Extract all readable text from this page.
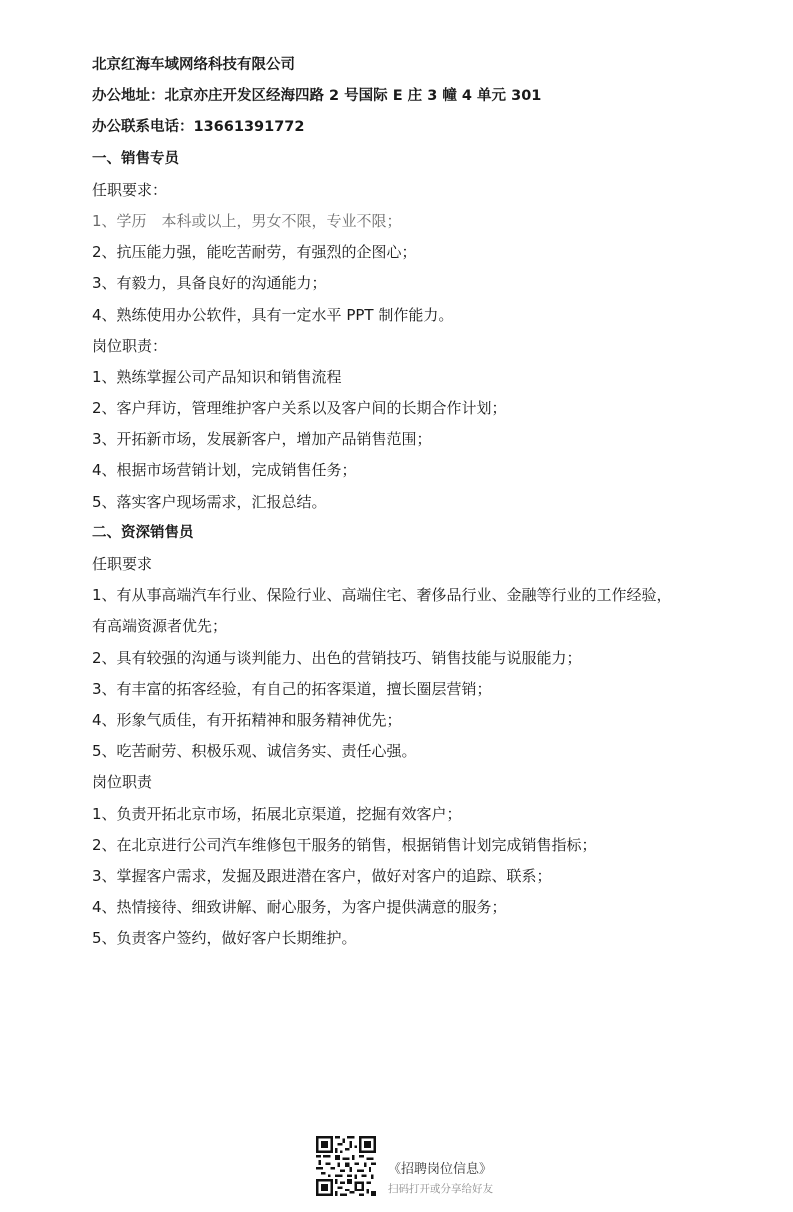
北京红海车域网络科技有限公司
办公地址：北京亦庄开发区经海四路 2 号国际 E 庄 3 幢 4 单元 301
办公联系电话：13661391772
一、销售专员
任职要求：
1、学历　本科或以上，男女不限，专业不限；
2、抗压能力强，能吃苦耐劳，有强烈的企图心；
3、有毅力，具备良好的沟通能力；
4、熟练使用办公软件，具有一定水平 PPT 制作能力。
岗位职责：
1、熟练掌握公司产品知识和销售流程
2、客户拜访，管理维护客户关系以及客户间的长期合作计划；
3、开拓新市场，发展新客户，增加产品销售范围；
4、根据市场营销计划，完成销售任务；
5、落实客户现场需求，汇报总结。
二、资深销售员
任职要求
1、有从事高端汽车行业、保险行业、高端住宅、奢侈品行业、金融等行业的工作经验，
有高端资源者优先；
2、具有较强的沟通与谈判能力、出色的营销技巧、销售技能与说服能力；
3、有丰富的拓客经验，有自己的拓客渠道，擅长圈层营销；
4、形象气质佳，有开拓精神和服务精神优先；
5、吃苦耐劳、积极乐观、诚信务实、责任心强。
岗位职责
1、负责开拓北京市场，拓展北京渠道，挖掘有效客户；
2、在北京进行公司汽车维修包干服务的销售，根据销售计划完成销售指标；
3、掌握客户需求，发掘及跟进潜在客户，做好对客户的追踪、联系；
4、热情接待、细致讲解、耐心服务，为客户提供满意的服务；
5、负责客户签约，做好客户长期维护。
《招聘岗位信息》
扫码打开或分享给好友
